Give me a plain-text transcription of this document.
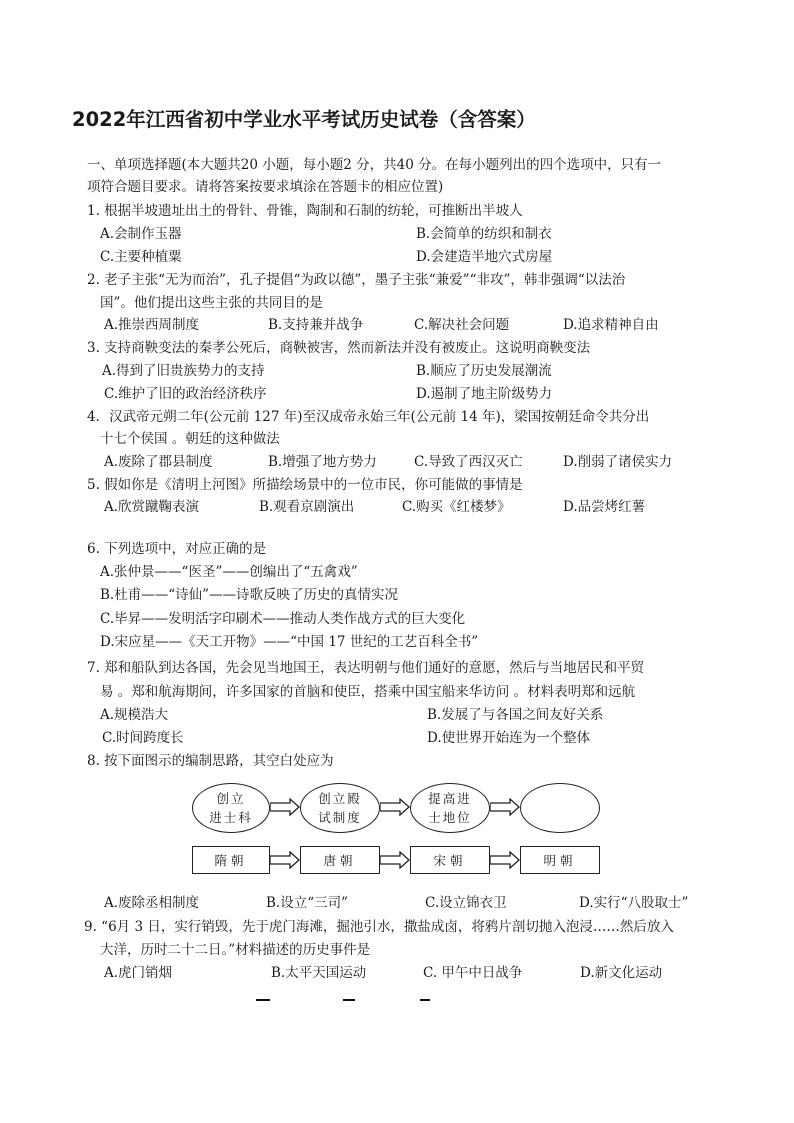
2022年江西省初中学业水平考试历史试卷（含答案）
一、单项选择题(本大题共20 小题，每小题2 分，共40 分。在每小题列出的四个选项中，只有一
项符合题目要求。请将答案按要求填涂在答题卡的相应位置)
1. 根据半坡遗址出土的骨针、骨锥，陶制和石制的纺轮，可推断出半坡人
A.会制作玉器	B.会简单的纺织和制衣
C.主要种植粟	D.会建造半地穴式房屋
2. 老子主张“无为而治”，孔子提倡“为政以德”，墨子主张“兼爱”“非攻”，韩非强调“以法治
国”。他们提出这些主张的共同目的是
A.推崇西周制度	B.支持兼并战争	C.解决社会问题	D.追求精神自由
3. 支持商鞅变法的秦孝公死后，商鞅被害，然而新法并没有被废止。这说明商鞅变法
A.得到了旧贵族势力的支持	B.顺应了历史发展潮流
C.维护了旧的政治经济秩序	D.遏制了地主阶级势力
4．汉武帝元朔二年(公元前 127 年)至汉成帝永始三年(公元前 14 年)，梁国按朝廷命令共分出
十七个侯国 。朝廷的这种做法
A.废除了郡县制度	B.增强了地方势力	C.导致了西汉灭亡	D.削弱了诸侯实力
5. 假如你是《清明上河图》所描绘场景中的一位市民，你可能做的事情是
A.欣赏蹴鞠表演	B.观看京剧演出	C.购买《红楼梦》	D.品尝烤红薯
6. 下列选项中，对应正确的是
A.张仲景——“医圣”——创编出了“五禽戏”
B.杜甫——“诗仙”——诗歌反映了历史的真情实况
C.毕昇——发明活字印刷术——推动人类作战方式的巨大变化
D.宋应星——《天工开物》——“中国 17 世纪的工艺百科全书”
7. 郑和船队到达各国，先会见当地国王，表达明朝与他们通好的意愿，然后与当地居民和平贸
易 。郑和航海期间，许多国家的首脑和使臣，搭乘中国宝船来华访问 。材料表明郑和远航
A.规模浩大	B.发展了与各国之间友好关系
C.时间跨度长	D.使世界开始连为一个整体
8. 按下面图示的编制思路，其空白处应为
创立
进士科
创立殿
试制度
提高进
士地位

隋朝	唐朝	宋朝	明朝
A.废除丞相制度	B.设立“三司”	C.设立锦衣卫	D.实行“八股取士”
9. “6月 3 日，实行销毁，先于虎门海滩，掘池引水，撒盐成卤，将鸦片剖切抛入泡浸……然后放入
大洋，历时二十二日。”材料描述的历史事件是
A.虎门销烟	B.太平天国运动	C. 甲午中日战争	D.新文化运动
